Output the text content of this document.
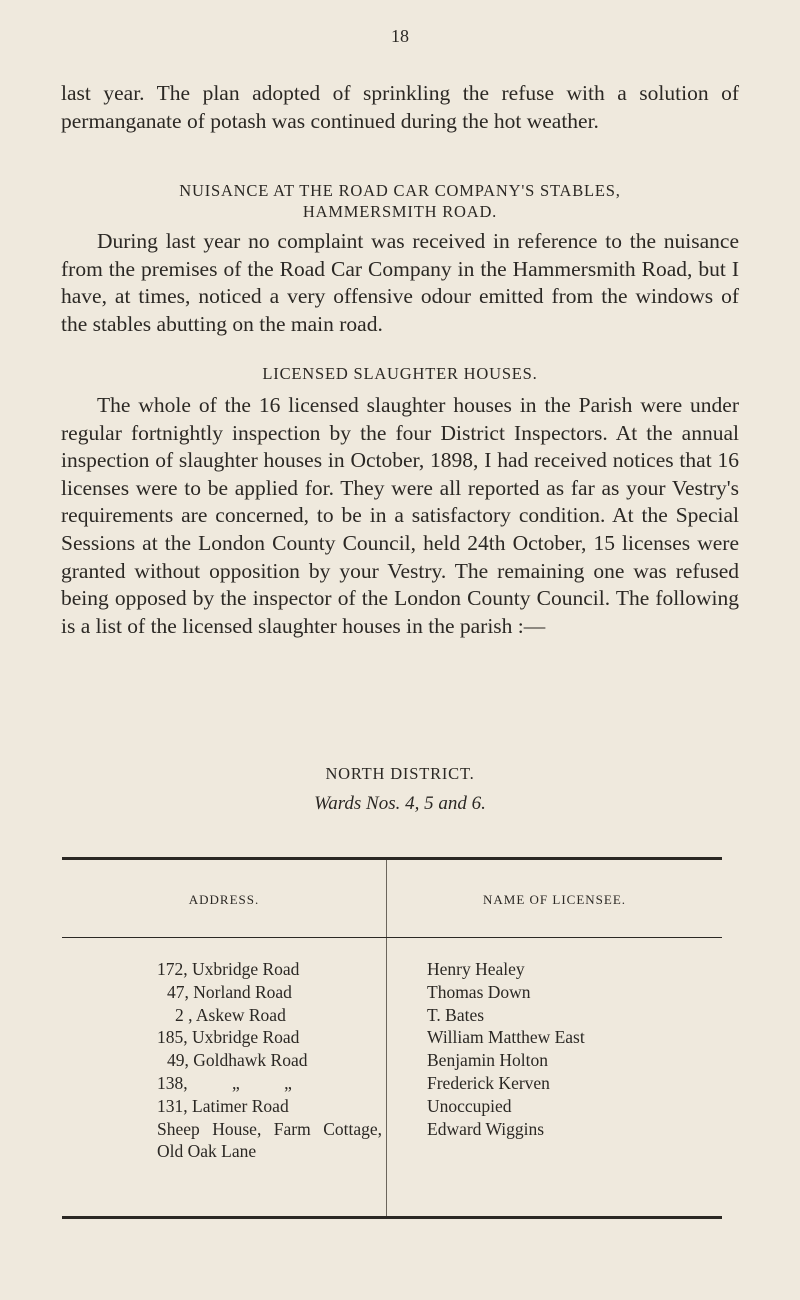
18
last year. The plan adopted of sprinkling the refuse with a solution of permanganate of potash was continued during the hot weather.
NUISANCE AT THE ROAD CAR COMPANY'S STABLES,
HAMMERSMITH ROAD.
During last year no complaint was received in reference to the nuisance from the premises of the Road Car Company in the Hammersmith Road, but I have, at times, noticed a very offensive odour emitted from the windows of the stables abutting on the main road.
LICENSED SLAUGHTER HOUSES.
The whole of the 16 licensed slaughter houses in the Parish were under regular fortnightly inspection by the four District Inspectors. At the annual inspection of slaughter houses in October, 1898, I had received notices that 16 licenses were to be applied for. They were all reported as far as your Vestry's requirements are concerned, to be in a satisfactory condition. At the Special Sessions at the London County Council, held 24th October, 15 licenses were granted without opposition by your Vestry. The remaining one was refused being opposed by the inspector of the London County Council. The following is a list of the licensed slaughter houses in the parish :—
NORTH DISTRICT.
Wards Nos. 4, 5 and 6.
ADDRESS.	NAME OF LICENSEE.
172, Uxbridge Road
47, Norland Road
2 , Askew Road
185, Uxbridge Road
49, Goldhawk Road
138, „ „
131, Latimer Road
Sheep House, Farm Cottage, Old Oak Lane
Henry Healey
Thomas Down
T. Bates
William Matthew East
Benjamin Holton
Frederick Kerven
Unoccupied
Edward Wiggins
